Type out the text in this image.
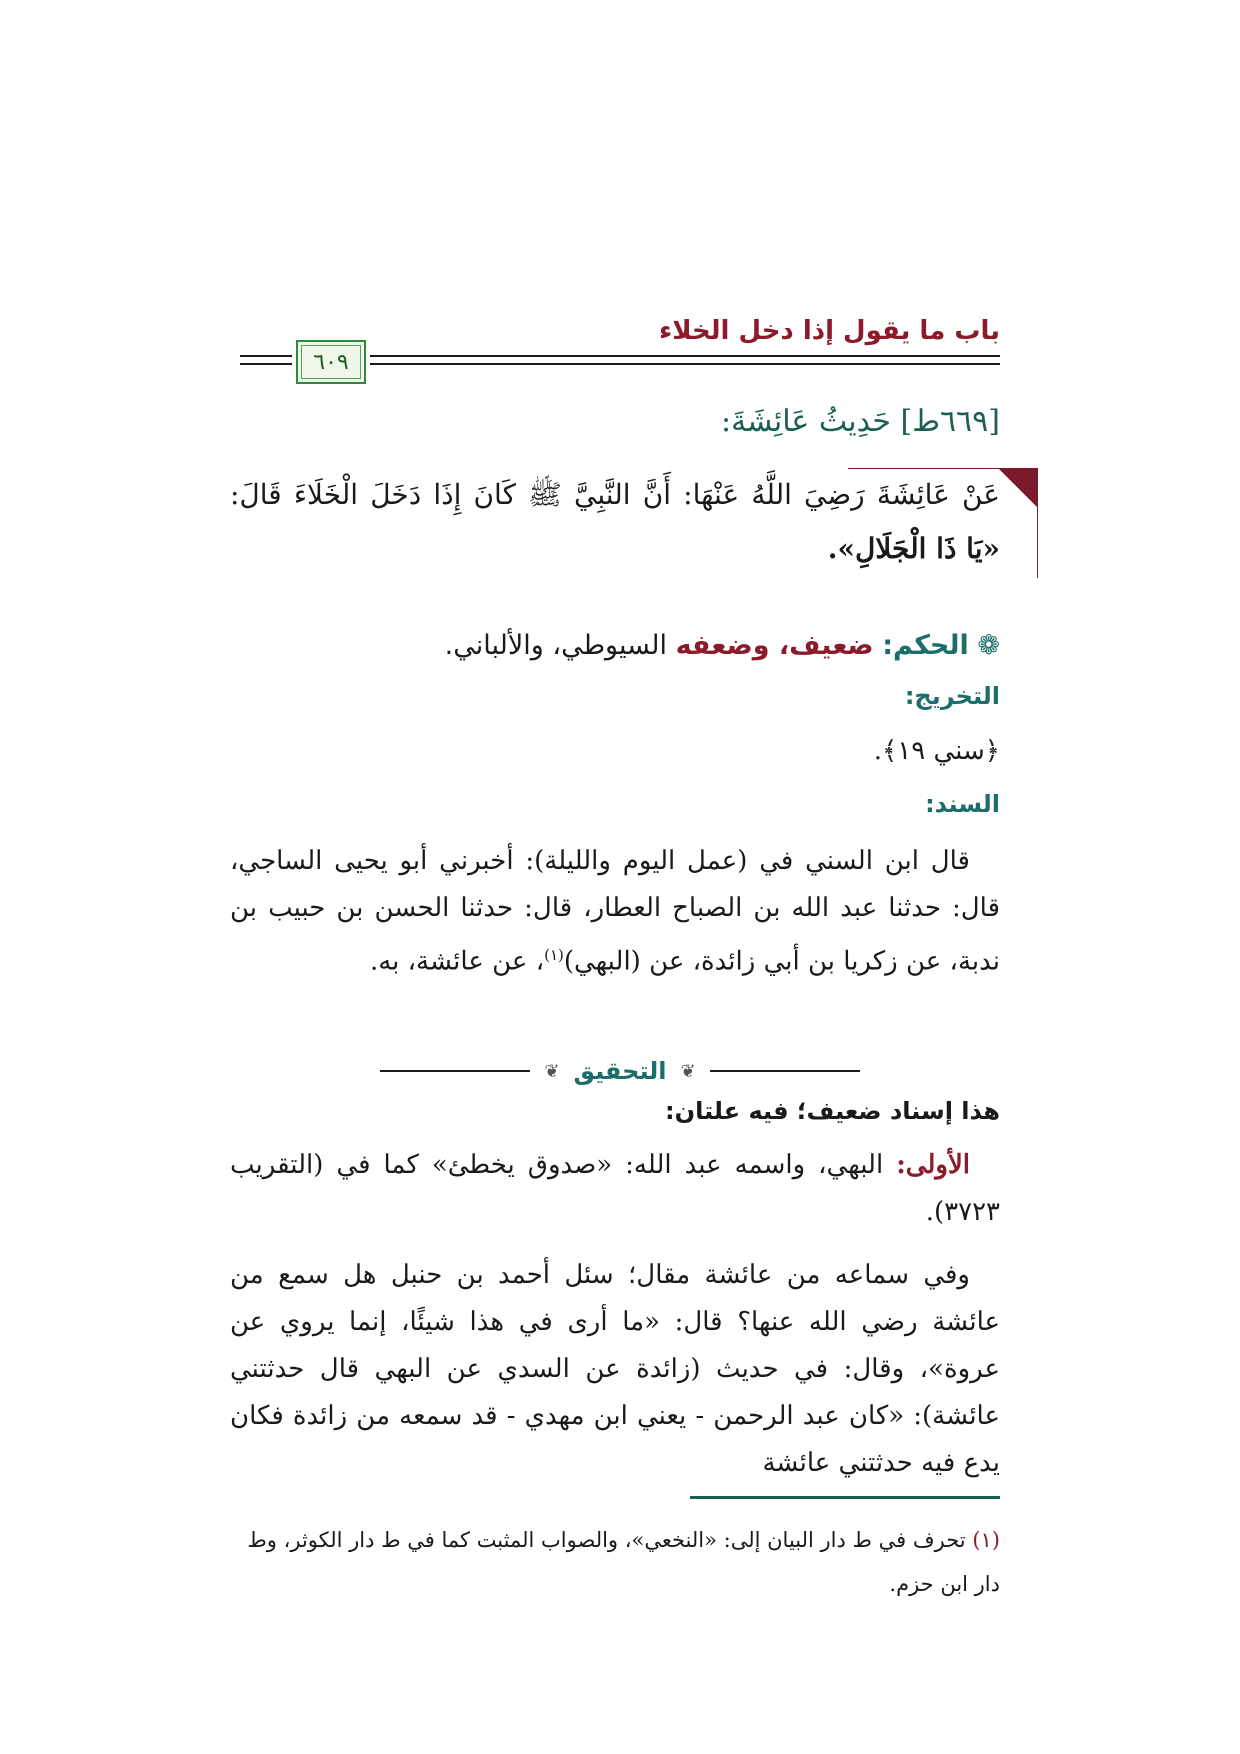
باب ما يقول إذا دخل الخلاء
٦٠٩
[٦٦٩ط] حَدِيثُ عَائِشَةَ:
عَنْ عَائِشَةَ رَضِيَ اللَّهُ عَنْهَا: أَنَّ النَّبِيَّ ﷺ كَانَ إِذَا دَخَلَ الْخَلَاءَ قَالَ: «يَا ذَا الْجَلَالِ».
❁ الحكم: ضعيف، وضعفه السيوطي، والألباني.
التخريج:
﴿سني ١٩﴾.
السند:
قال ابن السني في (عمل اليوم والليلة): أخبرني أبو يحيى الساجي، قال: حدثنا عبد الله بن الصباح العطار، قال: حدثنا الحسن بن حبيب بن ندبة، عن زكريا بن أبي زائدة، عن (البهي)$^{(١)}$، عن عائشة، به.
❦ التحقيق ❦
هذا إسناد ضعيف؛ فيه علتان:
الأولى: البهي، واسمه عبد الله: «صدوق يخطئ» كما في (التقريب ٣٧٢٣).
وفي سماعه من عائشة مقال؛ سئل أحمد بن حنبل هل سمع من عائشة رضي الله عنها؟ قال: «ما أرى في هذا شيئًا، إنما يروي عن عروة»، وقال: في حديث (زائدة عن السدي عن البهي قال حدثتني عائشة): «كان عبد الرحمن - يعني ابن مهدي - قد سمعه من زائدة فكان يدع فيه حدثتني عائشة
(١) تحرف في ط دار البيان إلى: «النخعي»، والصواب المثبت كما في ط دار الكوثر، وط دار ابن حزم.
